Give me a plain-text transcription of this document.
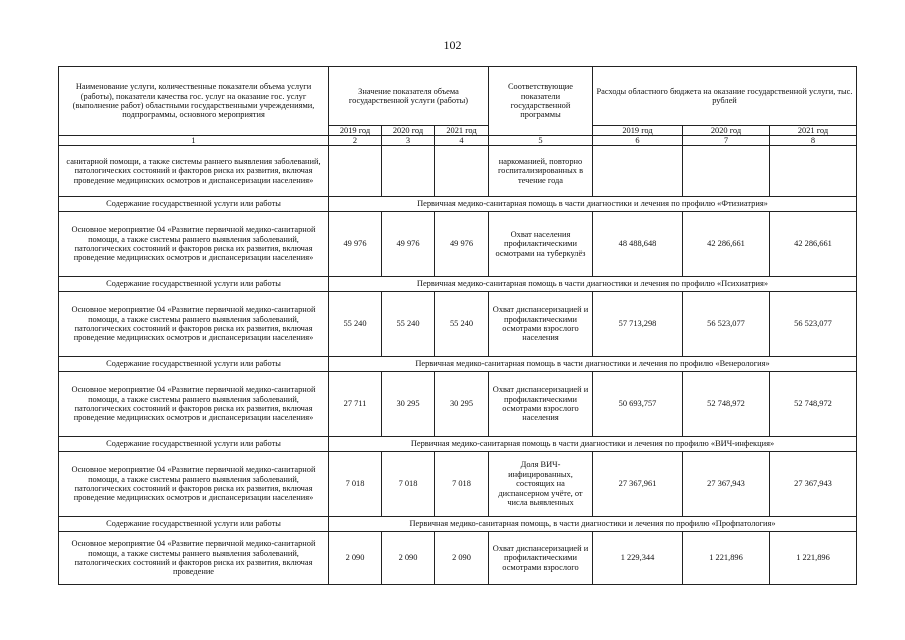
102
Наименование услуги, количественные показатели объема услуги (работы), показатели качества гос. услуг на оказание гос. услуг (выполнение работ) областными государственными учреждениями, подпрограммы, основного мероприятия	Значение показателя объема государственной услуги (работы)			Соответствующие показатели государственной программы	Расходы областного бюджета на оказание государственной услуги, тыс. рублей		
	2019 год	2020 год	2021 год		2019 год	2020 год	2021 год
1	2	3	4	5	6	7	8
санитарной помощи, а также системы раннего выявления заболеваний, патологических состояний и факторов риска их развития, включая проведение медицинских осмотров и диспансеризации населения»				наркоманией, повторно госпитализированных в течение года			
Содержание государственной услуги или работы	Первичная медико-санитарная помощь в части диагностики и лечения по профилю «Фтизиатрия»						
Основное мероприятие 04 «Развитие первичной медико-санитарной помощи, а также системы раннего выявления заболеваний, патологических состояний и факторов риска их развития, включая проведение медицинских осмотров и диспансеризации населения»	49 976	49 976	49 976	Охват населения профилактическими осмотрами на туберкулёз	48 488,648	42 286,661	42 286,661
Содержание государственной услуги или работы	Первичная медико-санитарная помощь в части диагностики и лечения по профилю «Психиатрия»						
Основное мероприятие 04 «Развитие первичной медико-санитарной помощи, а также системы раннего выявления заболеваний, патологических состояний и факторов риска их развития, включая проведение медицинских осмотров и диспансеризации населения»	55 240	55 240	55 240	Охват диспансеризацией и профилактическими осмотрами взрослого населения	57 713,298	56 523,077	56 523,077
Содержание государственной услуги или работы	Первичная медико-санитарная помощь в части диагностики и лечения по профилю «Венерология»						
Основное мероприятие 04 «Развитие первичной медико-санитарной помощи, а также системы раннего выявления заболеваний, патологических состояний и факторов риска их развития, включая проведение медицинских осмотров и диспансеризации населения»	27 711	30 295	30 295	Охват диспансеризацией и профилактическими осмотрами взрослого населения	50 693,757	52 748,972	52 748,972
Содержание государственной услуги или работы	Первичная медико-санитарная помощь в части диагностики и лечения по профилю «ВИЧ-инфекция»						
Основное мероприятие 04 «Развитие первичной медико-санитарной помощи, а также системы раннего выявления заболеваний, патологических состояний и факторов риска их развития, включая проведение медицинских осмотров и диспансеризации населения»	7 018	7 018	7 018	Доля ВИЧ-инфицированных, состоящих на диспансерном учёте, от числа выявленных	27 367,961	27 367,943	27 367,943
Содержание государственной услуги или работы	Первичная медико-санитарная помощь, в части диагностики и лечения по профилю «Профпатология»						
Основное мероприятие 04 «Развитие первичной медико-санитарной помощи, а также системы раннего выявления заболеваний, патологических состояний и факторов риска их развития, включая проведение	2 090	2 090	2 090	Охват диспансеризацией и профилактическими осмотрами взрослого	1 229,344	1 221,896	1 221,896
